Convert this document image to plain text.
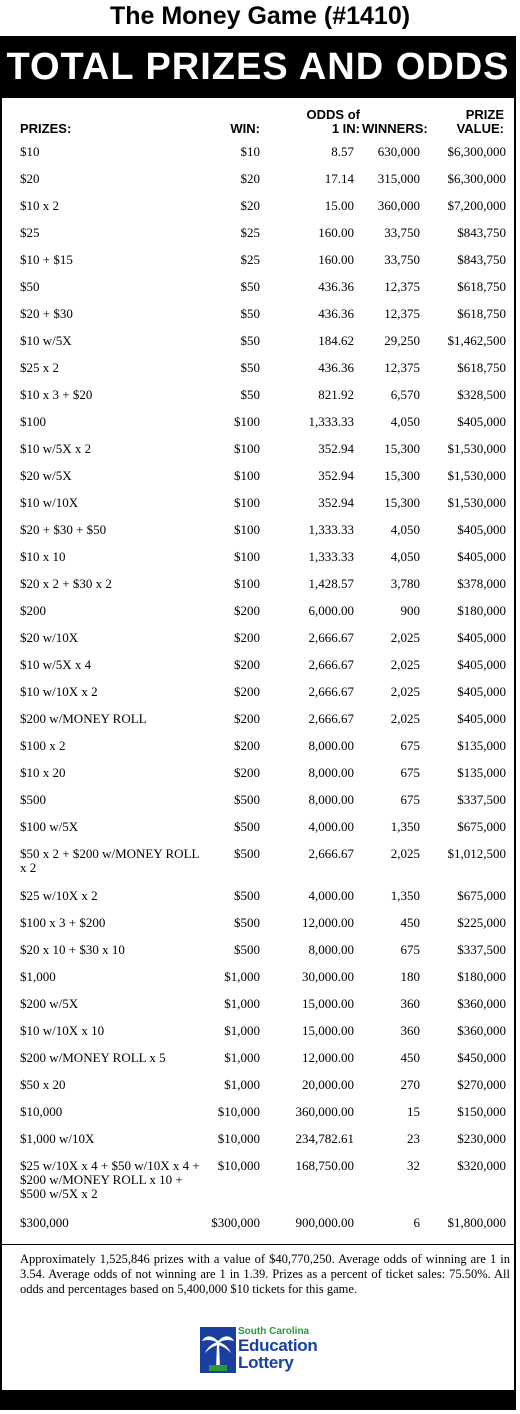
The Money Game (#1410)
TOTAL PRIZES AND ODDS
PRIZES:	WIN:
ODDS of
1 IN: WINNERS:
PRIZE
VALUE:
$10	$10	8.57	630,000	$6,300,000
$20	$20	17.14	315,000	$6,300,000
$10 x 2	$20	15.00	360,000	$7,200,000
$25	$25	160.00	33,750	$843,750
$10 + $15	$25	160.00	33,750	$843,750
$50	$50	436.36	12,375	$618,750
$20 + $30	$50	436.36	12,375	$618,750
$10 w/5X	$50	184.62	29,250	$1,462,500
$25 x 2	$50	436.36	12,375	$618,750
$10 x 3 + $20	$50	821.92	6,570	$328,500
$100	$100	1,333.33	4,050	$405,000
$10 w/5X x 2	$100	352.94	15,300	$1,530,000
$20 w/5X	$100	352.94	15,300	$1,530,000
$10 w/10X	$100	352.94	15,300	$1,530,000
$20 + $30 + $50	$100	1,333.33	4,050	$405,000
$10 x 10	$100	1,333.33	4,050	$405,000
$20 x 2 + $30 x 2	$100	1,428.57	3,780	$378,000
$200	$200	6,000.00	900	$180,000
$20 w/10X	$200	2,666.67	2,025	$405,000
$10 w/5X x 4	$200	2,666.67	2,025	$405,000
$10 w/10X x 2	$200	2,666.67	2,025	$405,000
$200 w/MONEY ROLL	$200	2,666.67	2,025	$405,000
$100 x 2	$200	8,000.00	675	$135,000
$10 x 20	$200	8,000.00	675	$135,000
$500	$500	8,000.00	675	$337,500
$100 w/5X	$500	4,000.00	1,350	$675,000
$50 x 2 + $200 w/MONEY ROLL x 2
$500	2,666.67	2,025	$1,012,500
$25 w/10X x 2	$500	4,000.00	1,350	$675,000
$100 x 3 + $200	$500	12,000.00	450	$225,000
$20 x 10 + $30 x 10	$500	8,000.00	675	$337,500
$1,000	$1,000	30,000.00	180	$180,000
$200 w/5X	$1,000	15,000.00	360	$360,000
$10 w/10X x 10	$1,000	15,000.00	360	$360,000
$200 w/MONEY ROLL x 5	$1,000	12,000.00	450	$450,000
$50 x 20	$1,000	20,000.00	270	$270,000
$10,000	$10,000	360,000.00	15	$150,000
$1,000 w/10X	$10,000	234,782.61	23	$230,000
$25 w/10X x 4 + $50 w/10X x 4 + $200 w/MONEY ROLL x 10 + $500 w/5X x 2
$10,000	168,750.00	32	$320,000
$300,000	$300,000	900,000.00	6	$1,800,000
Approximately 1,525,846 prizes with a value of $40,770,250. Average odds of winning are 1 in 3.54. Average odds of not winning are 1 in 1.39. Prizes as a percent of ticket sales: 75.50%. All odds and percentages based on 5,400,000 $10 tickets for this game.
South Carolina
Education
Lottery
